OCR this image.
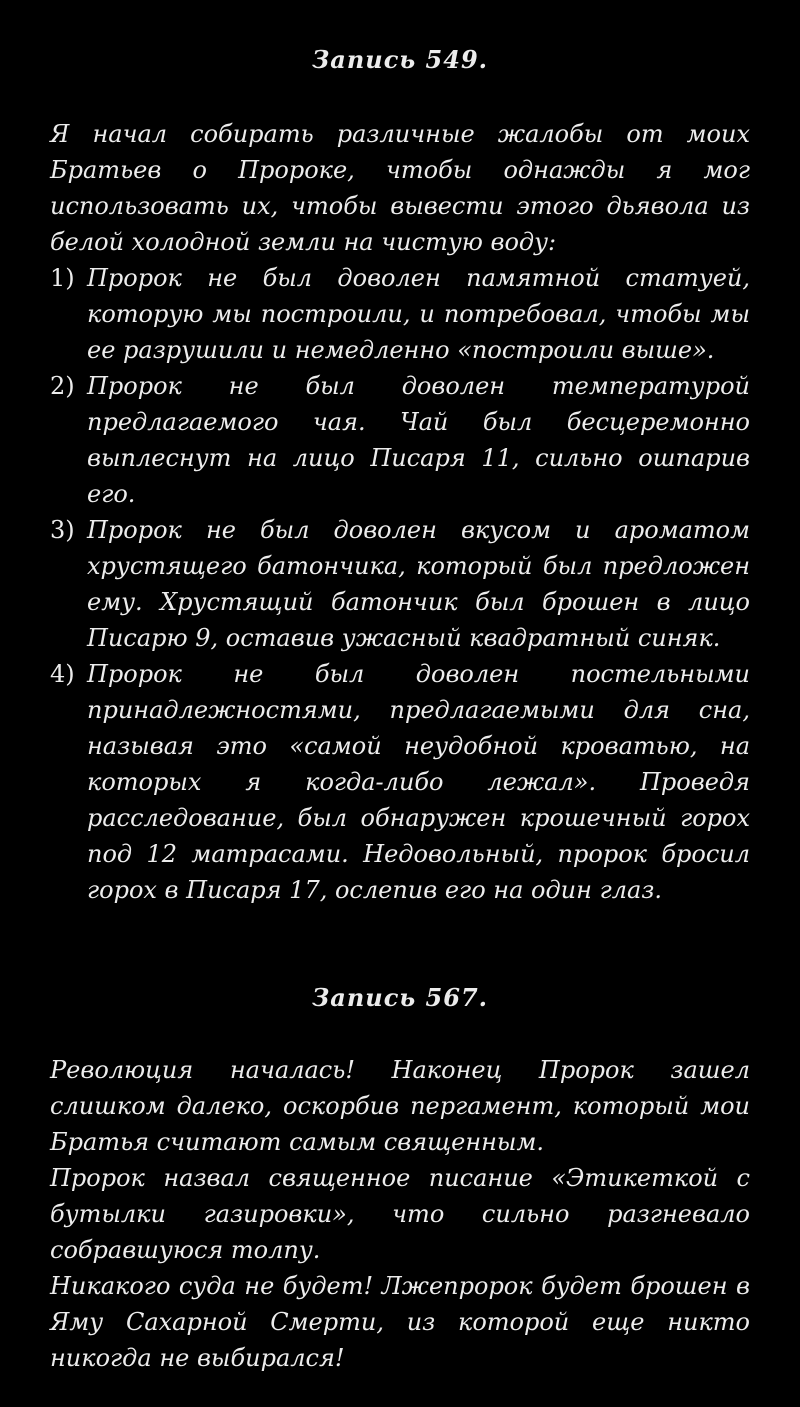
Запись 549.

Я начал собирать различные жалобы от моих Братьев о Пророке, чтобы однажды я мог использовать их, чтобы вывести этого дьявола из белой холодной земли на чистую воду:

1) Пророк не был доволен памятной статуей, которую мы построили, и потребовал, чтобы мы ее разрушили и немедленно «построили выше».
2) Пророк не был доволен температурой предлагаемого чая. Чай был бесцеремонно выплеснут на лицо Писаря 11, сильно ошпарив его.
3) Пророк не был доволен вкусом и ароматом хрустящего батончика, который был предложен ему. Хрустящий батончик был брошен в лицо Писарю 9, оставив ужасный квадратный синяк.
4) Пророк не был доволен постельными принадлежностями, предлагаемыми для сна, называя это «самой неудобной кроватью, на которых я когда-либо лежал». Проведя расследование, был обнаружен крошечный горох под 12 матрасами. Недовольный, пророк бросил горох в Писаря 17, ослепив его на один глаз.
Запись 567.

Революция началась! Наконец Пророк зашел слишком далеко, оскорбив пергамент, который мои Братья считают самым священным.

Пророк назвал священное писание «Этикеткой с бутылки газировки», что сильно разгневало собравшуюся толпу.

Никакого суда не будет! Лжепророк будет брошен в Яму Сахарной Смерти, из которой еще никто никогда не выбирался!
